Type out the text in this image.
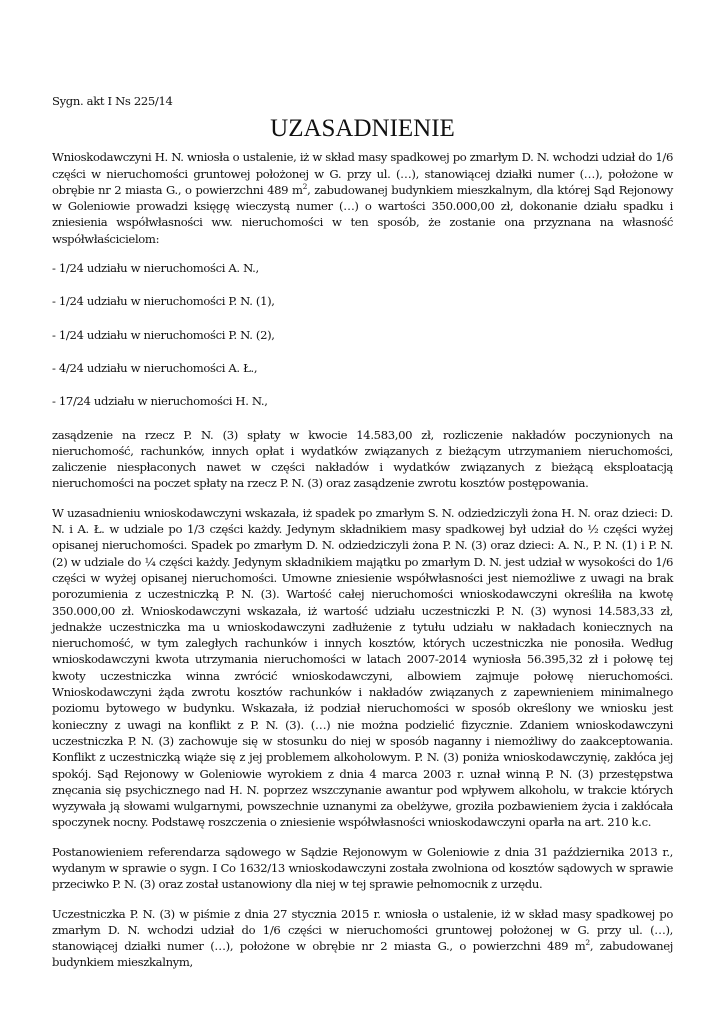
Sygn. akt I Ns 225/14
UZASADNIENIE
Wnioskodawczyni H. N. wniosła o ustalenie, iż w skład masy spadkowej po zmarłym D. N. wchodzi udział do 1/6 części w nieruchomości gruntowej położonej w G. przy ul. (…), stanowiącej działki numer (…), położone w obrębie nr 2 miasta G., o powierzchni 489 $m^2$, zabudowanej budynkiem mieszkalnym, dla której Sąd Rejonowy w Goleniowie prowadzi księgę wieczystą numer (…) o wartości 350.000,00 zł, dokonanie działu spadku i zniesienia współwłasności ww. nieruchomości w ten sposób, że zostanie ona przyznana na własność współwłaścicielom:
- 1/24 udziału w nieruchomości A. N.,
- 1/24 udziału w nieruchomości P. N. (1),
- 1/24 udziału w nieruchomości P. N. (2),
- 4/24 udziału w nieruchomości A. Ł.,
- 17/24 udziału w nieruchomości H. N.,
zasądzenie na rzecz P. N. (3) spłaty w kwocie 14.583,00 zł, rozliczenie nakładów poczynionych na nieruchomość, rachunków, innych opłat i wydatków związanych z bieżącym utrzymaniem nieruchomości, zaliczenie niespłaconych nawet w części nakładów i wydatków związanych z bieżącą eksploatacją nieruchomości na poczet spłaty na rzecz P. N. (3) oraz zasądzenie zwrotu kosztów postępowania.
W uzasadnieniu wnioskodawczyni wskazała, iż spadek po zmarłym S. N. odziedziczyli żona H. N. oraz dzieci: D. N. i A. Ł. w udziale po 1/3 części każdy. Jedynym składnikiem masy spadkowej był udział do ½ części wyżej opisanej nieruchomości. Spadek po zmarłym D. N. odziedziczyli żona P. N. (3) oraz dzieci: A. N., P. N. (1) i P. N. (2) w udziale do ¼ części każdy. Jedynym składnikiem majątku po zmarłym D. N. jest udział w wysokości do 1/6 części w wyżej opisanej nieruchomości. Umowne zniesienie współwłasności jest niemożliwe z uwagi na brak porozumienia z uczestniczką P. N. (3). Wartość całej nieruchomości wnioskodawczyni określiła na kwotę 350.000,00 zł. Wnioskodawczyni wskazała, iż wartość udziału uczestniczki P. N. (3) wynosi 14.583,33 zł, jednakże uczestniczka ma u wnioskodawczyni zadłużenie z tytułu udziału w nakładach koniecznych na nieruchomość, w tym zaległych rachunków i innych kosztów, których uczestniczka nie ponosiła. Według wnioskodawczyni kwota utrzymania nieruchomości w latach 2007-2014 wyniosła 56.395,32 zł i połowę tej kwoty uczestniczka winna zwrócić wnioskodawczyni, albowiem zajmuje połowę nieruchomości. Wnioskodawczyni żąda zwrotu kosztów rachunków i nakładów związanych z zapewnieniem minimalnego poziomu bytowego w budynku. Wskazała, iż podział nieruchomości w sposób określony we wniosku jest konieczny z uwagi na konflikt z P. N. (3). (…) nie można podzielić fizycznie. Zdaniem wnioskodawczyni uczestniczka P. N. (3) zachowuje się w stosunku do niej w sposób naganny i niemożliwy do zaakceptowania. Konflikt z uczestniczką wiąże się z jej problemem alkoholowym. P. N. (3) poniża wnioskodawczynię, zakłóca jej spokój. Sąd Rejonowy w Goleniowie wyrokiem z dnia 4 marca 2003 r. uznał winną P. N. (3) przestępstwa znęcania się psychicznego nad H. N. poprzez wszczynanie awantur pod wpływem alkoholu, w trakcie których wyzywała ją słowami wulgarnymi, powszechnie uznanymi za obelżywe, groziła pozbawieniem życia i zakłócała spoczynek nocny. Podstawę roszczenia o zniesienie współwłasności wnioskodawczyni oparła na art. 210 k.c.
Postanowieniem referendarza sądowego w Sądzie Rejonowym w Goleniowie z dnia 31 października 2013 r., wydanym w sprawie o sygn. I Co 1632/13 wnioskodawczyni została zwolniona od kosztów sądowych w sprawie przeciwko P. N. (3) oraz został ustanowiony dla niej w tej sprawie pełnomocnik z urzędu.
Uczestniczka P. N. (3) w piśmie z dnia 27 stycznia 2015 r. wniosła o ustalenie, iż w skład masy spadkowej po zmarłym D. N. wchodzi udział do 1/6 części w nieruchomości gruntowej położonej w G. przy ul. (…), stanowiącej działki numer (…), położone w obrębie nr 2 miasta G., o powierzchni 489 $m^2$, zabudowanej budynkiem mieszkalnym,
